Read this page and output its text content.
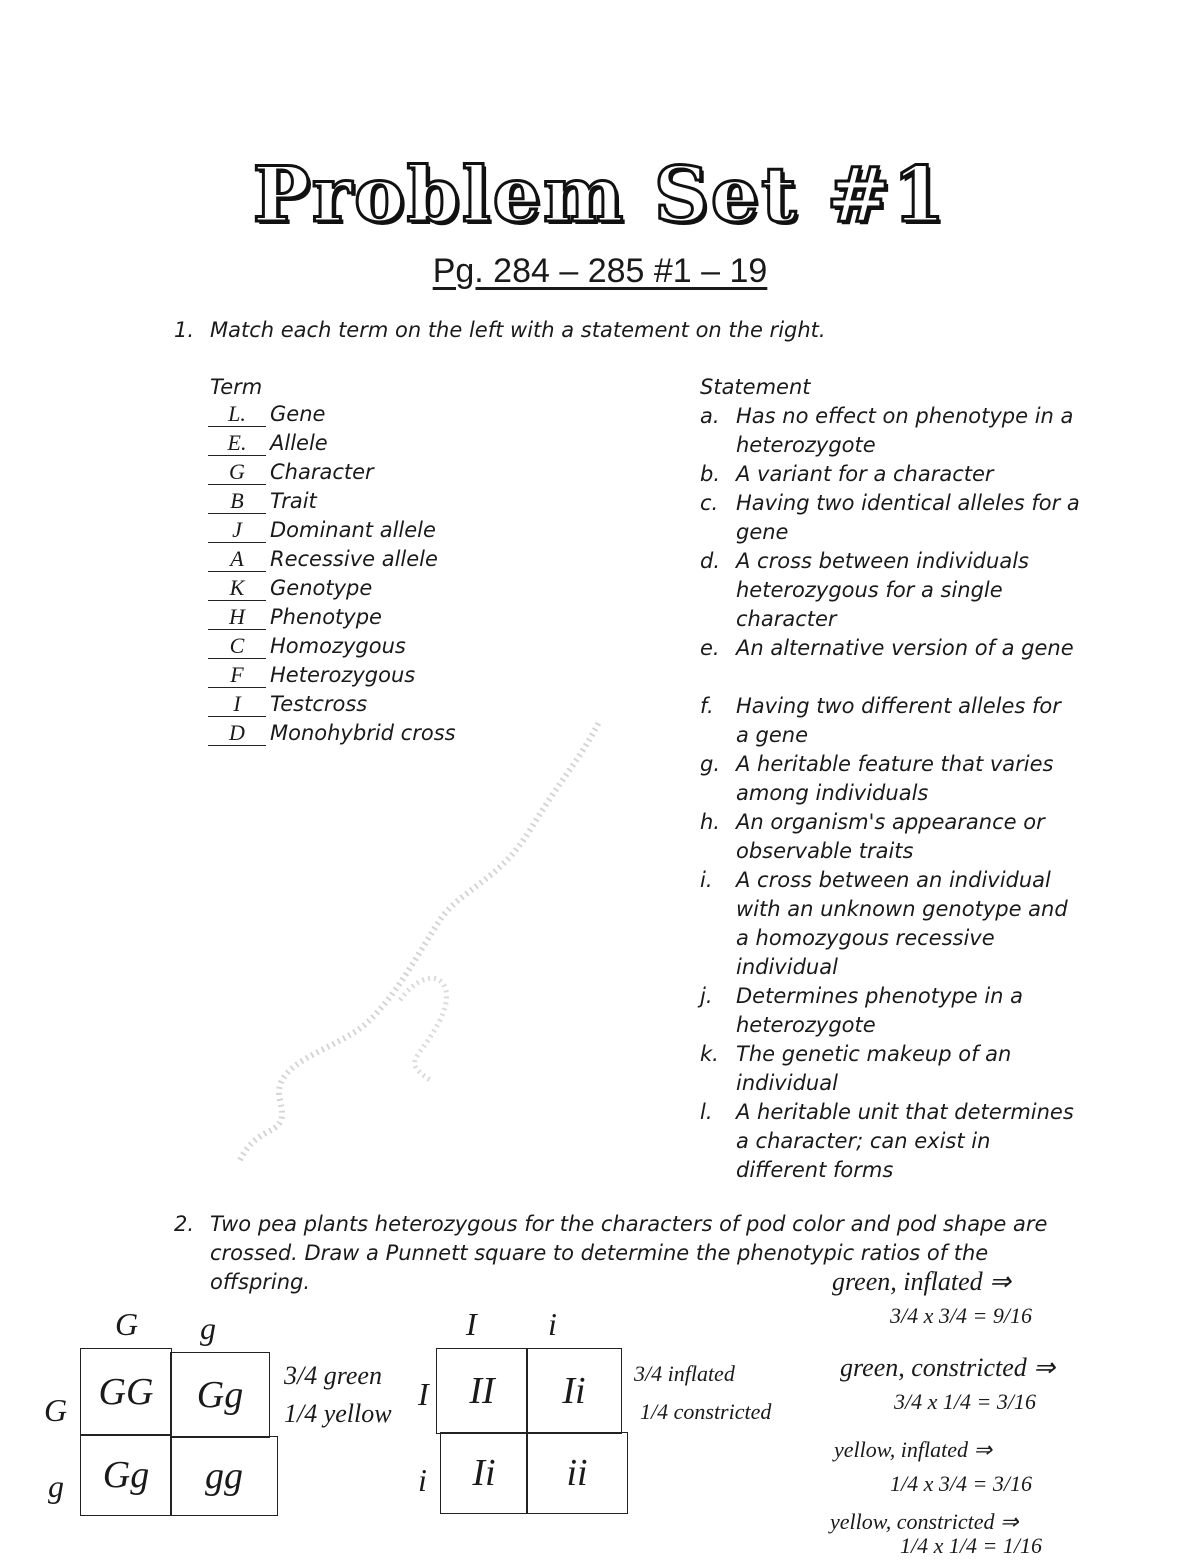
Problem Set #1
Pg. 284 – 285 #1 – 19
1. Match each term on the left with a statement on the right.
Term	Statement
L.	Gene
E.	Allele
G	Character
B	Trait
J	Dominant allele
A	Recessive allele
K	Genotype
H	Phenotype
C	Homozygous
F	Heterozygous
I	Testcross
D	Monohybrid cross
a. Has no effect on phenotype in a heterozygote
b. A variant for a character
c. Having two identical alleles for a gene
d. A cross between individuals heterozygous for a single character
e. An alternative version of a gene
f.	Having two different alleles for a gene
g. A heritable feature that varies among individuals
h. An organism's appearance or observable traits
i.	A cross between an individual with an unknown genotype and a homozygous recessive individual
j.	Determines phenotype in a heterozygote
k. The genetic makeup of an individual
l.	A heritable unit that determines a character; can exist in different forms
2. Two pea plants heterozygous for the characters of pod color and pod shape are crossed. Draw a Punnett square to determine the phenotypic ratios of the offspring.
G g
G
g
GG	Gg
Gg	gg
3/4 green
1/4 yellow
I i
I
i
II	Ii
Ii	ii
3/4 inflated
1/4 constricted
green, inflated ⇒
3/4 x 3/4 = 9/16
green, constricted ⇒
3/4 x 1/4 = 3/16
yellow, inflated ⇒
1/4 x 3/4 = 3/16
yellow, constricted ⇒
1/4 x 1/4 = 1/16
